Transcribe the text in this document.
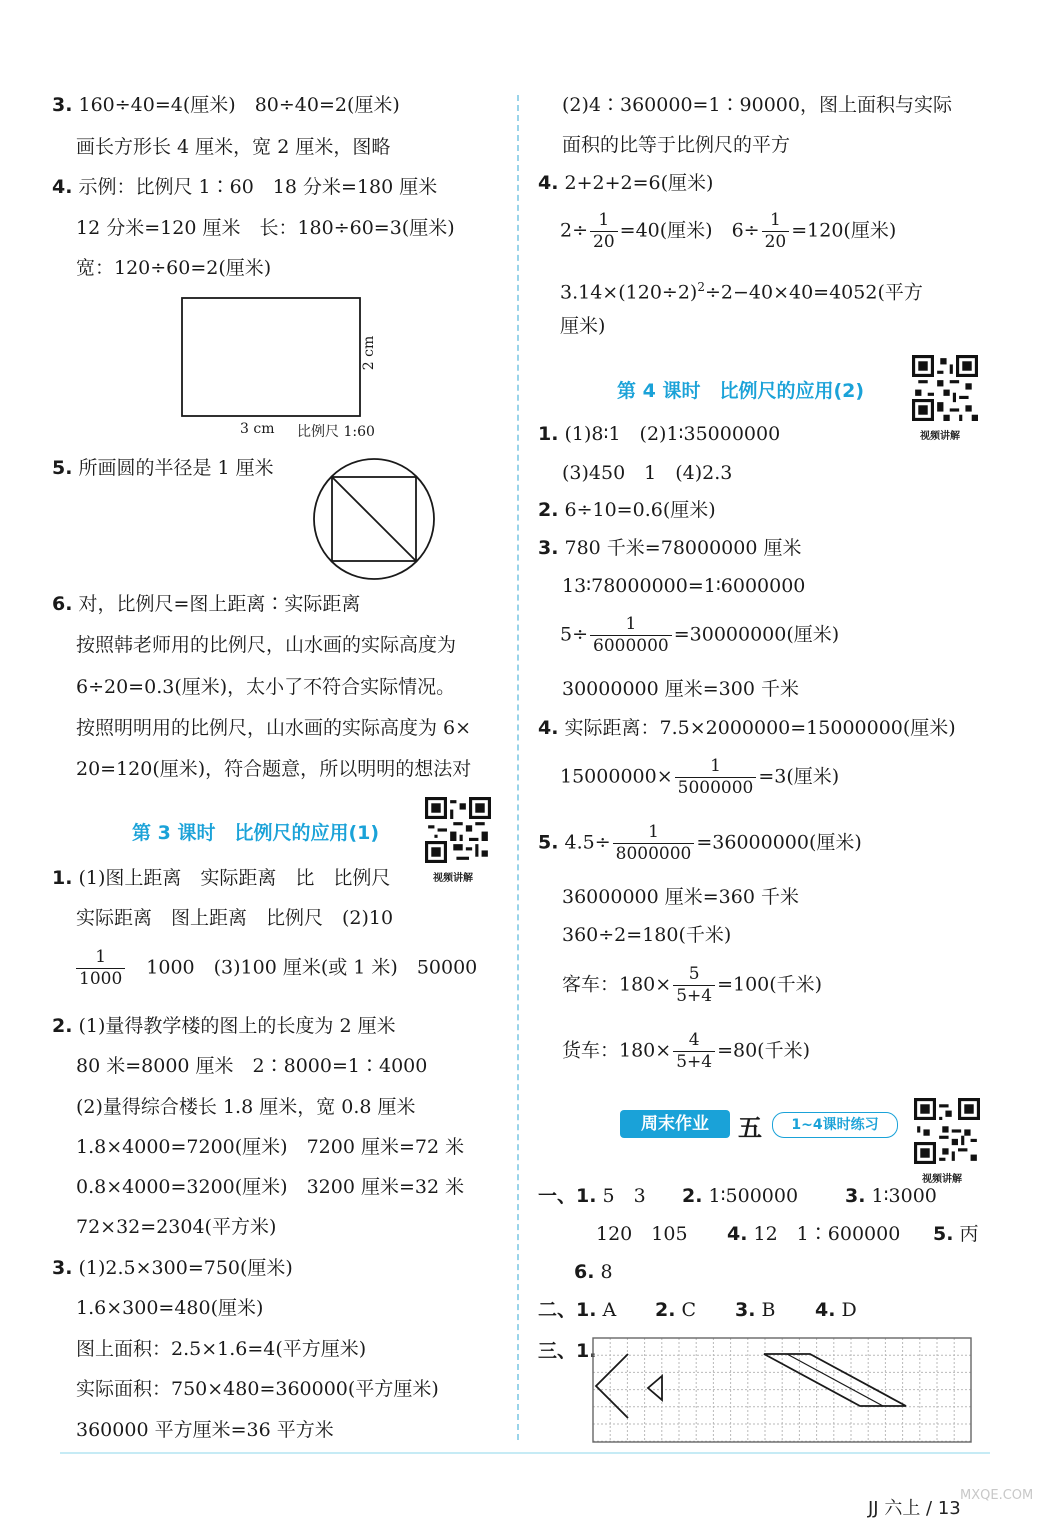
3. 160÷40=4(厘米)　80÷40=2(厘米)
画长方形长 4 厘米，宽 2 厘米，图略
4. 示例：比例尺 1∶60　18 分米=180 厘米
12 分米=120 厘米　长：180÷60=3(厘米)
宽：120÷60=2(厘米)
2 cm
3 cm 比例尺 1:60
5. 所画圆的半径是 1 厘米
6. 对，比例尺=图上距离∶实际距离
按照韩老师用的比例尺，山水画的实际高度为
6÷20=0.3(厘米)，太小了不符合实际情况。
按照明明用的比例尺，山水画的实际高度为 6×
20=120(厘米)，符合题意，所以明明的想法对
第 3 课时　比例尺的应用(1)
视频讲解
1. (1)图上距离　实际距离　比　比例尺
实际距离　图上距离　比例尺　(2)10
$\frac{1}{1000}$ 　1000　(3)100 厘米(或 1 米)　50000
2. (1)量得教学楼的图上的长度为 2 厘米
80 米=8000 厘米　2∶8000=1∶4000
(2)量得综合楼长 1.8 厘米，宽 0.8 厘米
1.8×4000=7200(厘米)　7200 厘米=72 米
0.8×4000=3200(厘米)　3200 厘米=32 米
72×32=2304(平方米)
3. (1)2.5×300=750(厘米)
1.6×300=480(厘米)
图上面积：2.5×1.6=4(平方厘米)
实际面积：750×480=360000(平方厘米)
360000 平方厘米=36 平方米
(2)4∶360000=1∶90000，图上面积与实际
面积的比等于比例尺的平方
4. 2+2+2=6(厘米)
$2\div \frac{1}{20} =40$(厘米)　$6\div \frac{1}{20} =120$(厘米)
$3.14\times(120\div 2)^2\div 2-40\times 40=4052$(平方
厘米)
第 4 课时　比例尺的应用(2)
视频讲解
1. (1)8∶1　(2)1∶35000000
(3)450　1　(4)2.3
2. 6÷10=0.6(厘米)
3. 780 千米=78000000 厘米
13∶78000000=1∶6000000
$5\div \frac{1}{6000000} =30000000$(厘米)
30000000 厘米=300 千米
4. 实际距离：7.5×2000000=15000000(厘米)
$15000000\times \frac{1}{5000000} =3$(厘米)
5. $4.5\div \frac{1}{8000000} =36000000$(厘米)
36000000 厘米=360 千米
360÷2=180(千米)
客车：$180\times \frac{5}{5+4} =100$(千米)
货车：$180\times \frac{4}{5+4} =80$(千米)
周末作业	五	1~4课时练习
视频讲解
一、1. 5　3 2. 1∶500000 3. 1∶3000
120　105 4. 12　1∶600000 5. 丙
6. 8
二、1. A 2. C 3. B 4. D
三、1.
JJ 六上 / 13
MXQE.COM
